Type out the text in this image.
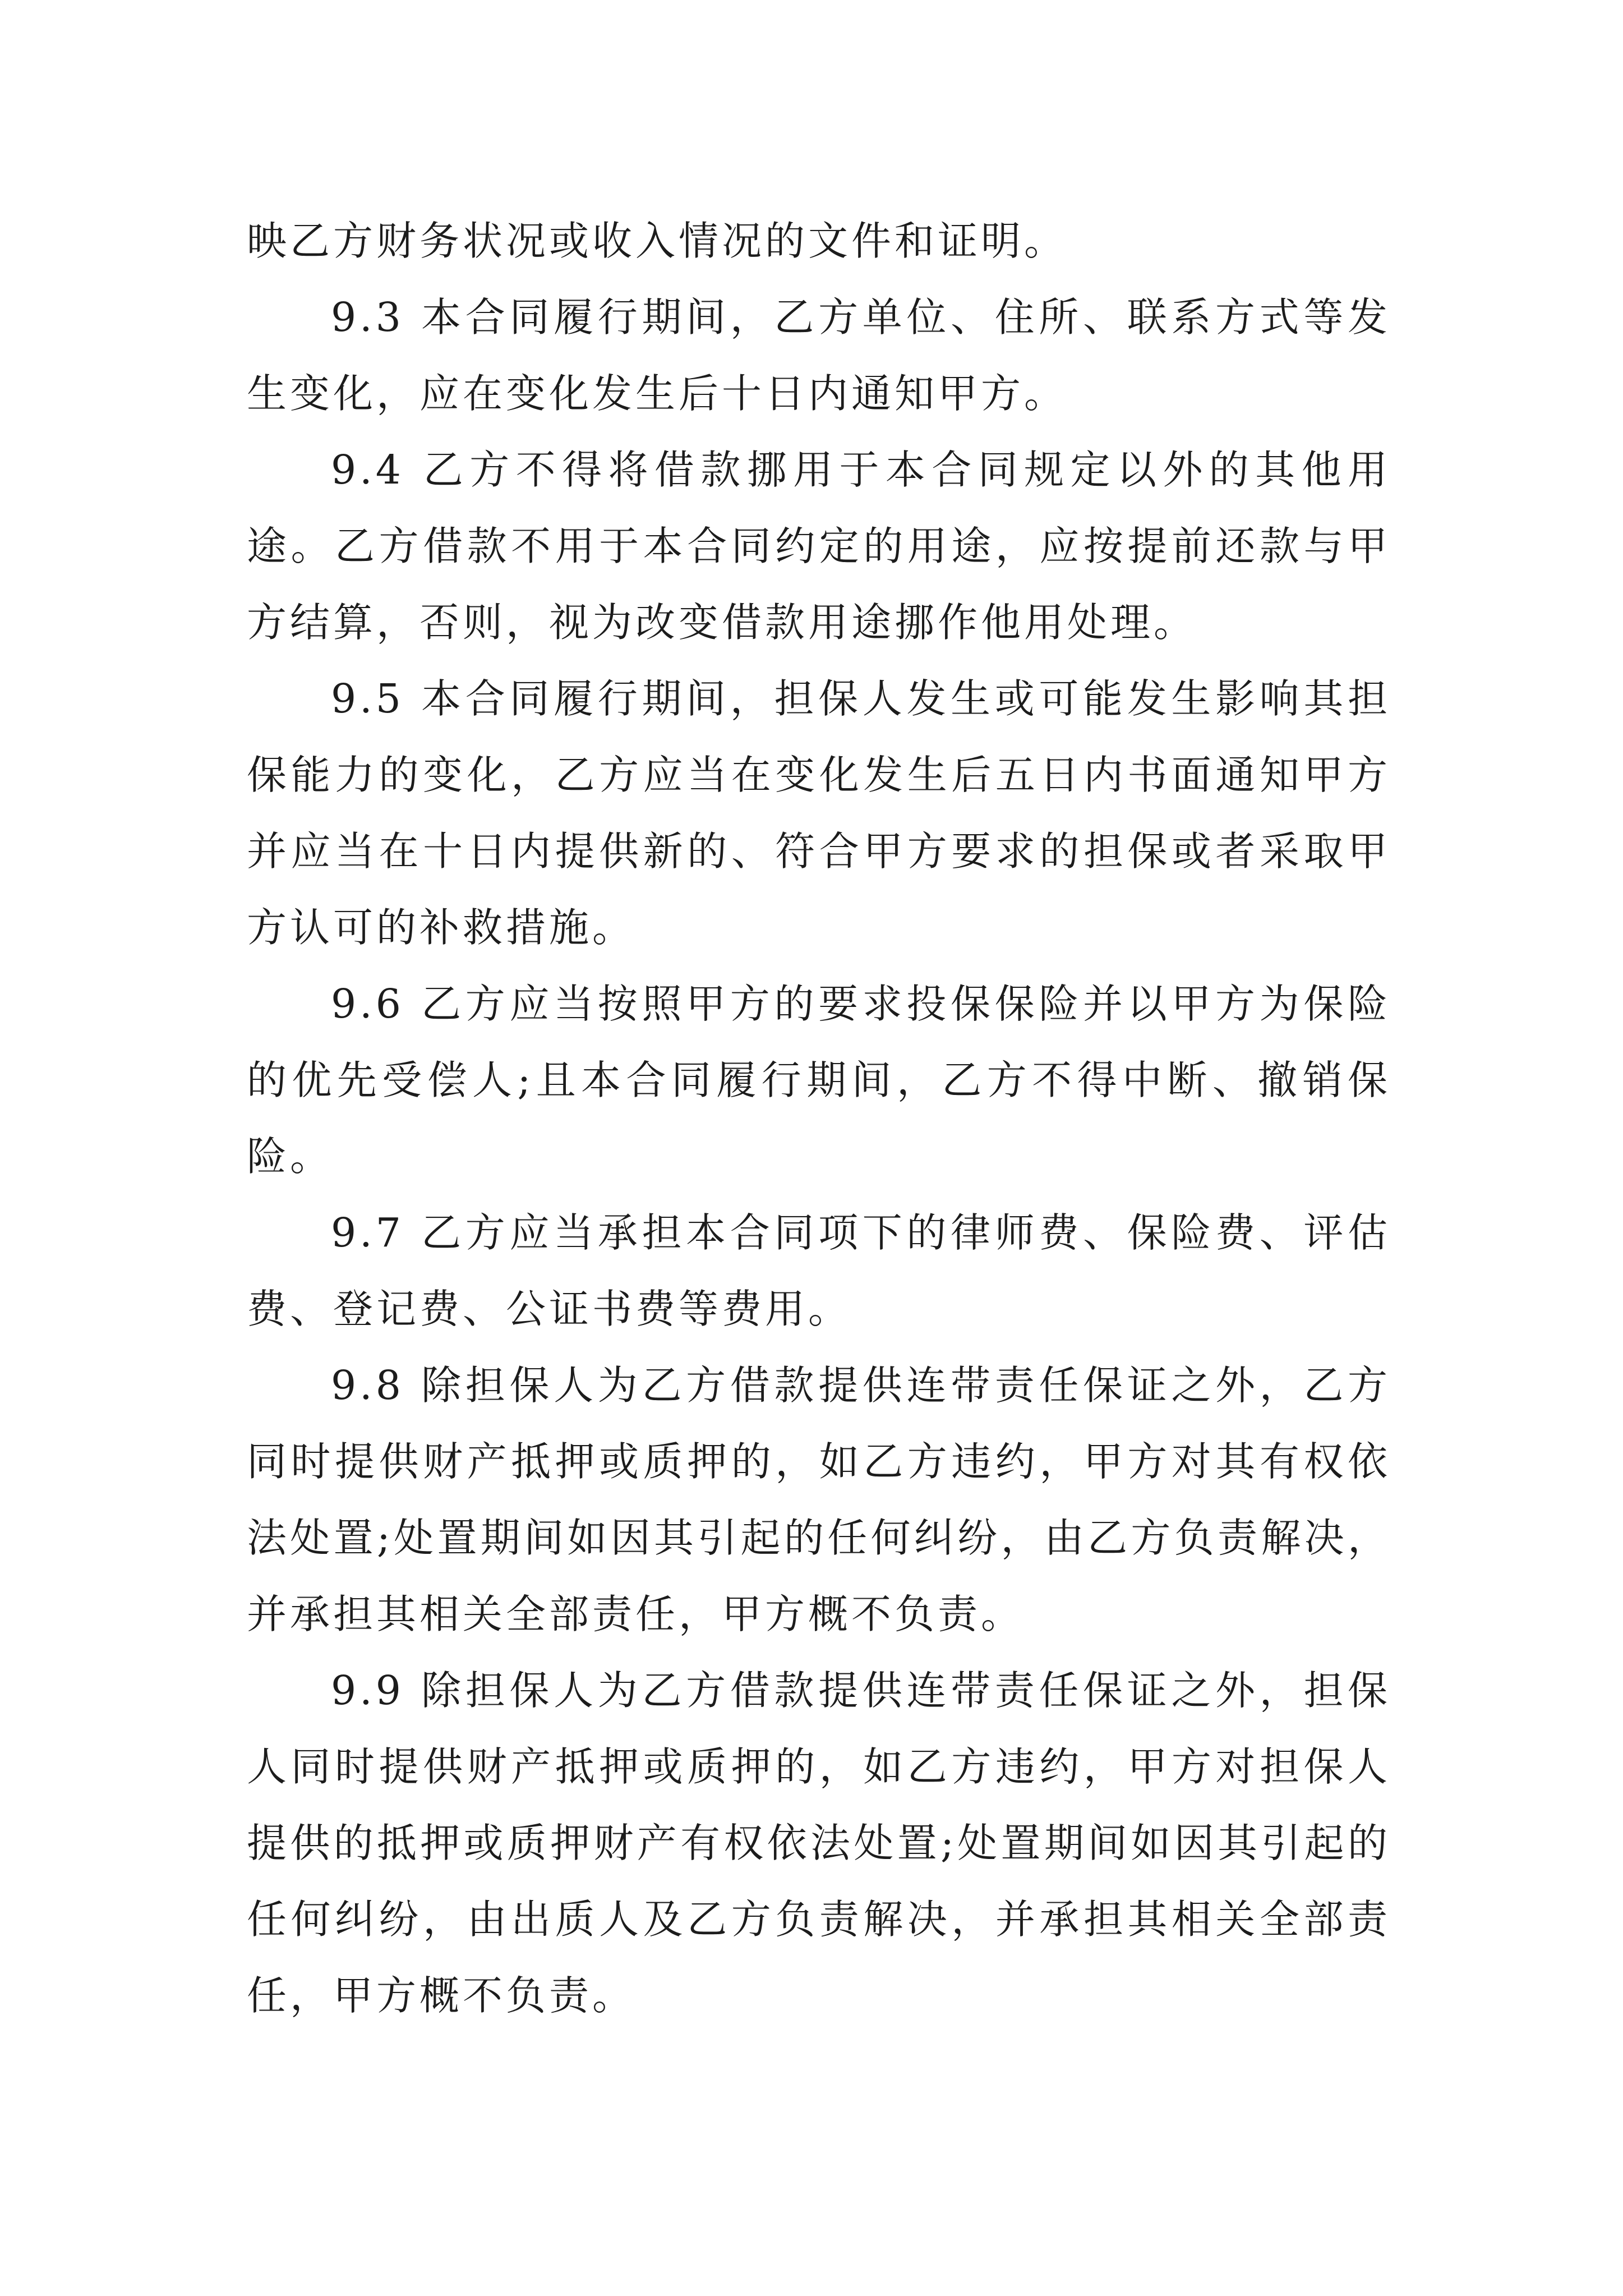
映乙方财务状况或收入情况的文件和证明。

9.3 本合同履行期间，乙方单位、住所、联系方式等发生变化，应在变化发生后十日内通知甲方。

9.4 乙方不得将借款挪用于本合同规定以外的其他用途。乙方借款不用于本合同约定的用途，应按提前还款与甲方结算，否则，视为改变借款用途挪作他用处理。

9.5 本合同履行期间，担保人发生或可能发生影响其担保能力的变化，乙方应当在变化发生后五日内书面通知甲方并应当在十日内提供新的、符合甲方要求的担保或者采取甲方认可的补救措施。

9.6 乙方应当按照甲方的要求投保保险并以甲方为保险的优先受偿人;且本合同履行期间，乙方不得中断、撤销保险。

9.7 乙方应当承担本合同项下的律师费、保险费、评估费、登记费、公证书费等费用。

9.8 除担保人为乙方借款提供连带责任保证之外，乙方同时提供财产抵押或质押的，如乙方违约，甲方对其有权依法处置;处置期间如因其引起的任何纠纷，由乙方负责解决，并承担其相关全部责任，甲方概不负责。

9.9 除担保人为乙方借款提供连带责任保证之外，担保人同时提供财产抵押或质押的，如乙方违约，甲方对担保人提供的抵押或质押财产有权依法处置;处置期间如因其引起的任何纠纷，由出质人及乙方负责解决，并承担其相关全部责任，甲方概不负责。
